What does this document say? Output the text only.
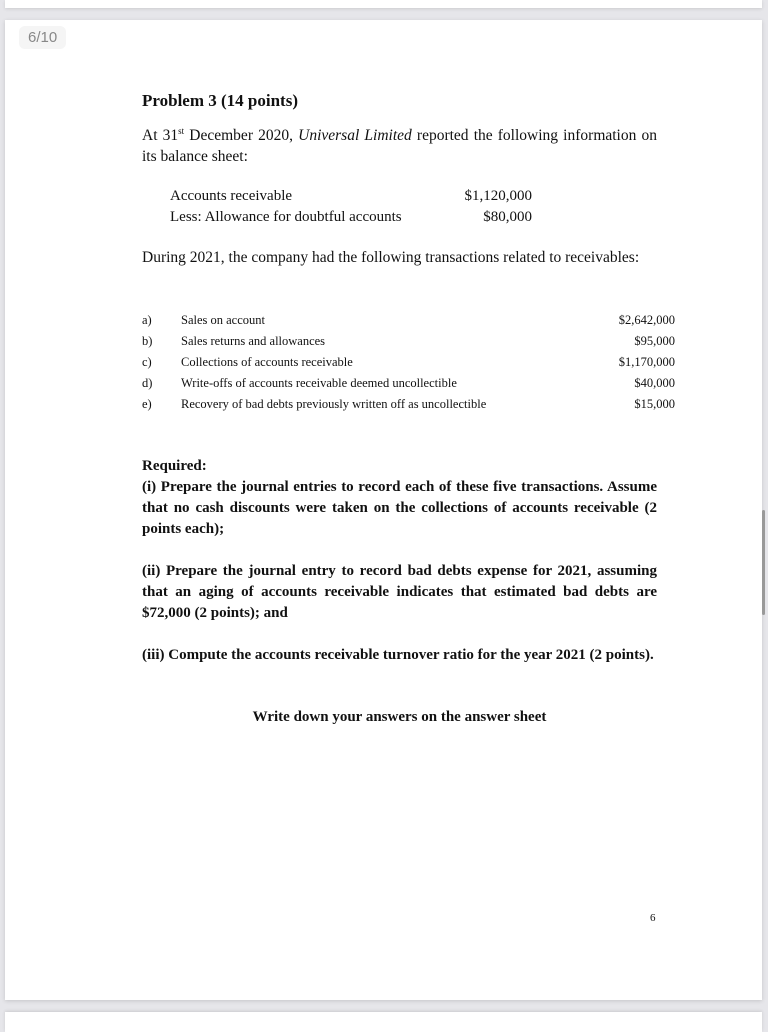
6/10
Problem 3 (14 points)
At 31st December 2020, Universal Limited reported the following information on its balance sheet:
Accounts receivable	$1,120,000
Less: Allowance for doubtful accounts	$80,000
During 2021, the company had the following transactions related to receivables:
a)	Sales on account	$2,642,000
b)	Sales returns and allowances	$95,000
c)	Collections of accounts receivable	$1,170,000
d)	Write-offs of accounts receivable deemed uncollectible	$40,000
e)	Recovery of bad debts previously written off as uncollectible	$15,000
Required:
(i) Prepare the journal entries to record each of these five transactions. Assume that no cash discounts were taken on the collections of accounts receivable (2 points each);
(ii) Prepare the journal entry to record bad debts expense for 2021, assuming that an aging of accounts receivable indicates that estimated bad debts are $72,000 (2 points); and
(iii) Compute the accounts receivable turnover ratio for the year 2021 (2 points).
Write down your answers on the answer sheet
6
